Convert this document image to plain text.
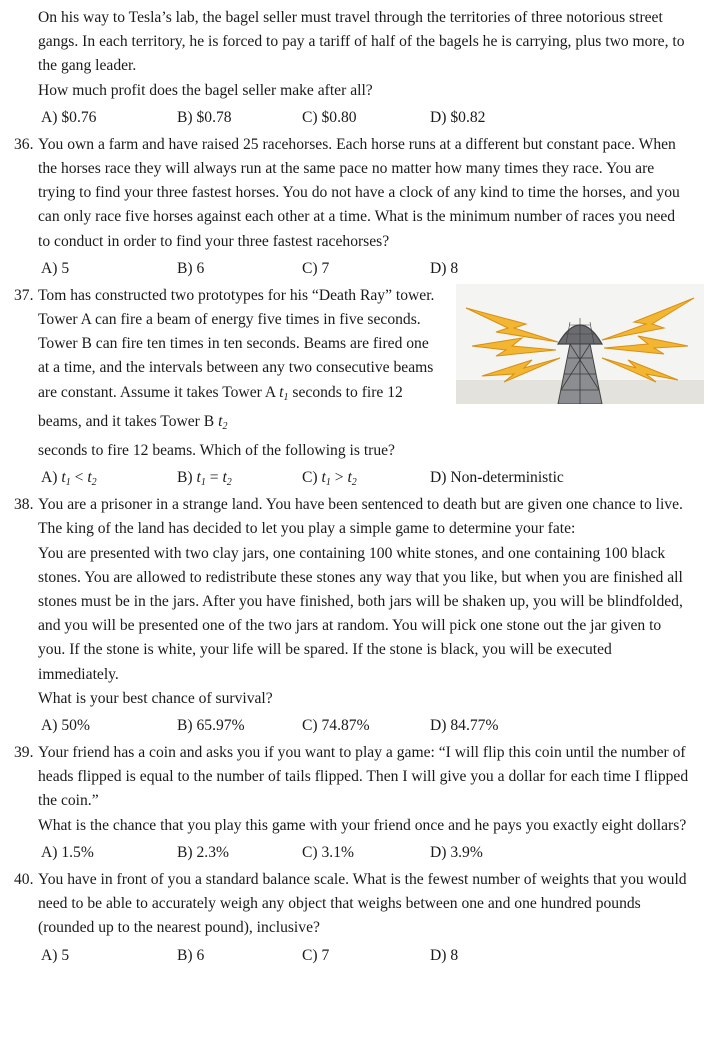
On his way to Tesla’s lab, the bagel seller must travel through the territories of three notorious street gangs. In each territory, he is forced to pay a tariff of half of the bagels he is carrying, plus two more, to the gang leader.

How much profit does the bagel seller make after all?

A) $0.76	B) $0.78	C) $0.80	D) $0.82
36. You own a farm and have raised 25 racehorses. Each horse runs at a different but constant pace. When the horses race they will always run at the same pace no matter how many times they race. You are trying to find your three fastest horses. You do not have a clock of any kind to time the horses, and you can only race five horses against each other at a time. What is the minimum number of races you need to conduct in order to find your three fastest racehorses?

A) 5	B) 6	C) 7	D) 8
37. Tom has constructed two prototypes for his “Death Ray” tower. Tower A can fire a beam of energy five times in five seconds. Tower B can fire ten times in ten seconds. Beams are fired one at a time, and the intervals between any two consecutive beams are constant. Assume it takes Tower A $t_1$ seconds to fire 12 beams, and it takes Tower B $t_2$
seconds to fire 12 beams. Which of the following is true?
A) $t_1 < t_2$	B) $t_1 = t_2$	C) $t_1 > t_2$	D) Non-deterministic
38. You are a prisoner in a strange land. You have been sentenced to death but are given one chance to live. The king of the land has decided to let you play a simple game to determine your fate:

You are presented with two clay jars, one containing 100 white stones, and one containing 100 black stones. You are allowed to redistribute these stones any way that you like, but when you are finished all stones must be in the jars. After you have finished, both jars will be shaken up, you will be blindfolded, and you will be presented one of the two jars at random. You will pick one stone out the jar given to you. If the stone is white, your life will be spared. If the stone is black, you will be executed immediately.

What is your best chance of survival?

A) 50%	B) 65.97%	C) 74.87%	D) 84.77%
39. Your friend has a coin and asks you if you want to play a game: “I will flip this coin until the number of heads flipped is equal to the number of tails flipped. Then I will give you a dollar for each time I flipped the coin.”

What is the chance that you play this game with your friend once and he pays you exactly eight dollars?

A) 1.5%	B) 2.3%	C) 3.1%	D) 3.9%
40. You have in front of you a standard balance scale. What is the fewest number of weights that you would need to be able to accurately weigh any object that weighs between one and one hundred pounds (rounded up to the nearest pound), inclusive?

A) 5	B) 6	C) 7	D) 8
